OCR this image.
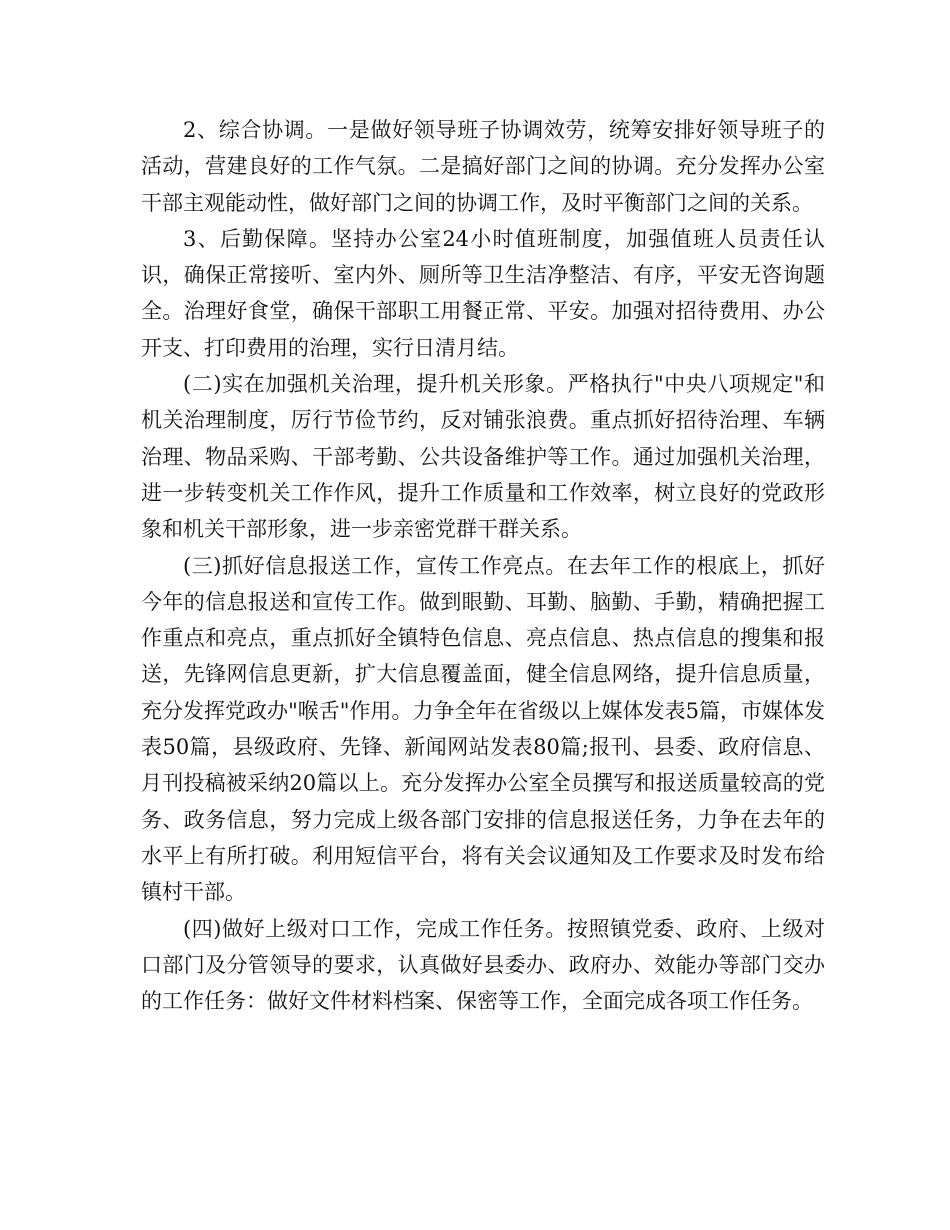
2、综合协调。一是做好领导班子协调效劳，统筹安排好领导班子的活动，营建良好的工作气氛。二是搞好部门之间的协调。充分发挥办公室干部主观能动性，做好部门之间的协调工作，及时平衡部门之间的关系。

3、后勤保障。坚持办公室24小时值班制度，加强值班人员责任认识，确保正常接听、室内外、厕所等卫生洁净整洁、有序，平安无咨询题全。治理好食堂，确保干部职工用餐正常、平安。加强对招待费用、办公开支、打印费用的治理，实行日清月结。

(二)实在加强机关治理，提升机关形象。严格执行"中央八项规定"和机关治理制度，厉行节俭节约，反对铺张浪费。重点抓好招待治理、车辆治理、物品采购、干部考勤、公共设备维护等工作。通过加强机关治理，进一步转变机关工作作风，提升工作质量和工作效率，树立良好的党政形象和机关干部形象，进一步亲密党群干群关系。

(三)抓好信息报送工作，宣传工作亮点。在去年工作的根底上，抓好今年的信息报送和宣传工作。做到眼勤、耳勤、脑勤、手勤，精确把握工作重点和亮点，重点抓好全镇特色信息、亮点信息、热点信息的搜集和报送，先锋网信息更新，扩大信息覆盖面，健全信息网络，提升信息质量，充分发挥党政办"喉舌"作用。力争全年在省级以上媒体发表5篇，市媒体发表50篇，县级政府、先锋、新闻网站发表80篇;报刊、县委、政府信息、月刊投稿被采纳20篇以上。充分发挥办公室全员撰写和报送质量较高的党务、政务信息，努力完成上级各部门安排的信息报送任务，力争在去年的水平上有所打破。利用短信平台，将有关会议通知及工作要求及时发布给镇村干部。

(四)做好上级对口工作，完成工作任务。按照镇党委、政府、上级对口部门及分管领导的要求，认真做好县委办、政府办、效能办等部门交办的工作任务：做好文件材料档案、保密等工作，全面完成各项工作任务。
